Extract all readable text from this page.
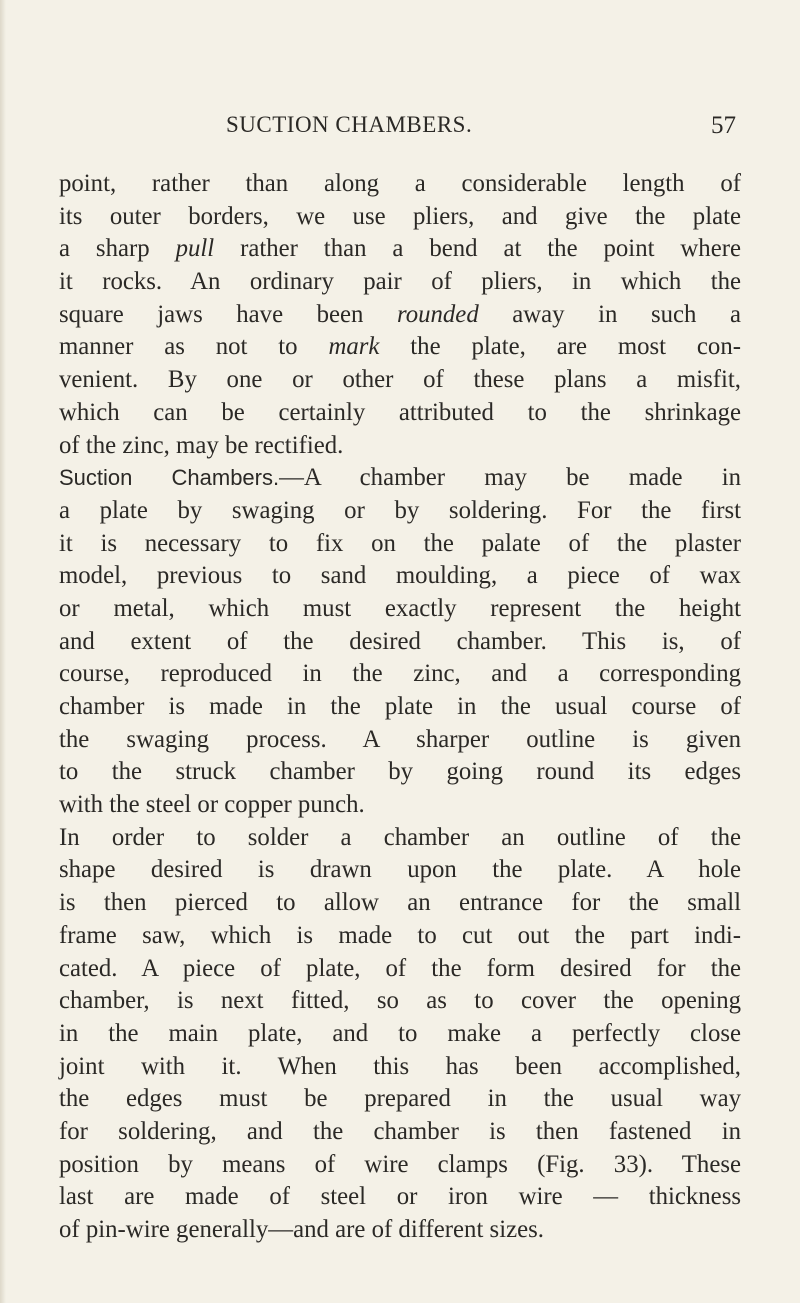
SUCTION CHAMBERS.	57
point, rather than along a considerable length of
its outer borders, we use pliers, and give the plate
a sharp pull rather than a bend at the point where
it rocks. An ordinary pair of pliers, in which the
square jaws have been rounded away in such a
manner as not to mark the plate, are most con-
venient. By one or other of these plans a misfit,
which can be certainly attributed to the shrinkage
of the zinc, may be rectified.
Suction Chambers.—A chamber may be made in
a plate by swaging or by soldering. For the first
it is necessary to fix on the palate of the plaster
model, previous to sand moulding, a piece of wax
or metal, which must exactly represent the height
and extent of the desired chamber. This is, of
course, reproduced in the zinc, and a corresponding
chamber is made in the plate in the usual course of
the swaging process. A sharper outline is given
to the struck chamber by going round its edges
with the steel or copper punch.
In order to solder a chamber an outline of the
shape desired is drawn upon the plate. A hole
is then pierced to allow an entrance for the small
frame saw, which is made to cut out the part indi-
cated. A piece of plate, of the form desired for the
chamber, is next fitted, so as to cover the opening
in the main plate, and to make a perfectly close
joint with it. When this has been accomplished,
the edges must be prepared in the usual way
for soldering, and the chamber is then fastened in
position by means of wire clamps (Fig. 33). These
last are made of steel or iron wire — thickness
of pin-wire generally—and are of different sizes.
